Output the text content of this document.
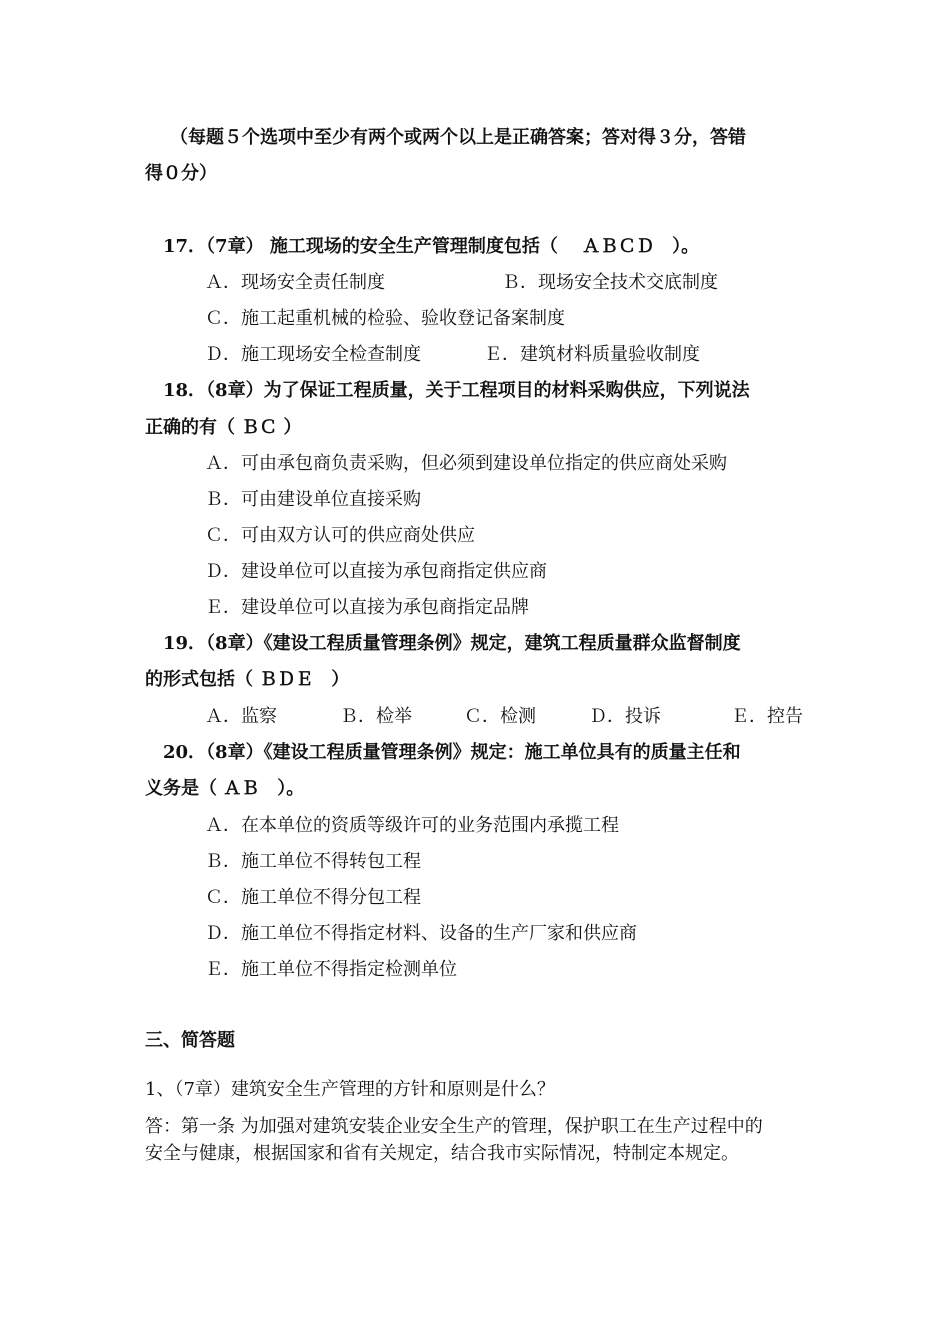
（每题５个选项中至少有两个或两个以上是正确答案；答对得３分，答错
得０分）
17．（7章） 施工现场的安全生产管理制度包括（　 ＡＢＣＤ　）。
Ａ．现场安全责任制度	Ｂ．现场安全技术交底制度
Ｃ．施工起重机械的检验、验收登记备案制度
Ｄ．施工现场安全检查制度	Ｅ．建筑材料质量验收制度
18．（8章）为了保证工程质量，关于工程项目的材料采购供应，下列说法
正确的有（ ＢＣ ）
Ａ．可由承包商负责采购，但必须到建设单位指定的供应商处采购
Ｂ．可由建设单位直接采购
Ｃ．可由双方认可的供应商处供应
Ｄ．建设单位可以直接为承包商指定供应商
Ｅ．建设单位可以直接为承包商指定品牌
19．（8章）《建设工程质量管理条例》规定，建筑工程质量群众监督制度
的形式包括（ ＢＤＥ　）
Ａ．监察	Ｂ．检举	Ｃ．检测	Ｄ．投诉	Ｅ．控告
20．（8章）《建设工程质量管理条例》规定：施工单位具有的质量主任和
义务是（ ＡＢ　）。
Ａ．在本单位的资质等级许可的业务范围内承揽工程
Ｂ．施工单位不得转包工程
Ｃ．施工单位不得分包工程
Ｄ．施工单位不得指定材料、设备的生产厂家和供应商
Ｅ．施工单位不得指定检测单位
三、简答题
1、（7章）建筑安全生产管理的方针和原则是什么？
答：第一条 为加强对建筑安装企业安全生产的管理，保护职工在生产过程中的
安全与健康，根据国家和省有关规定，结合我市实际情况，特制定本规定。
